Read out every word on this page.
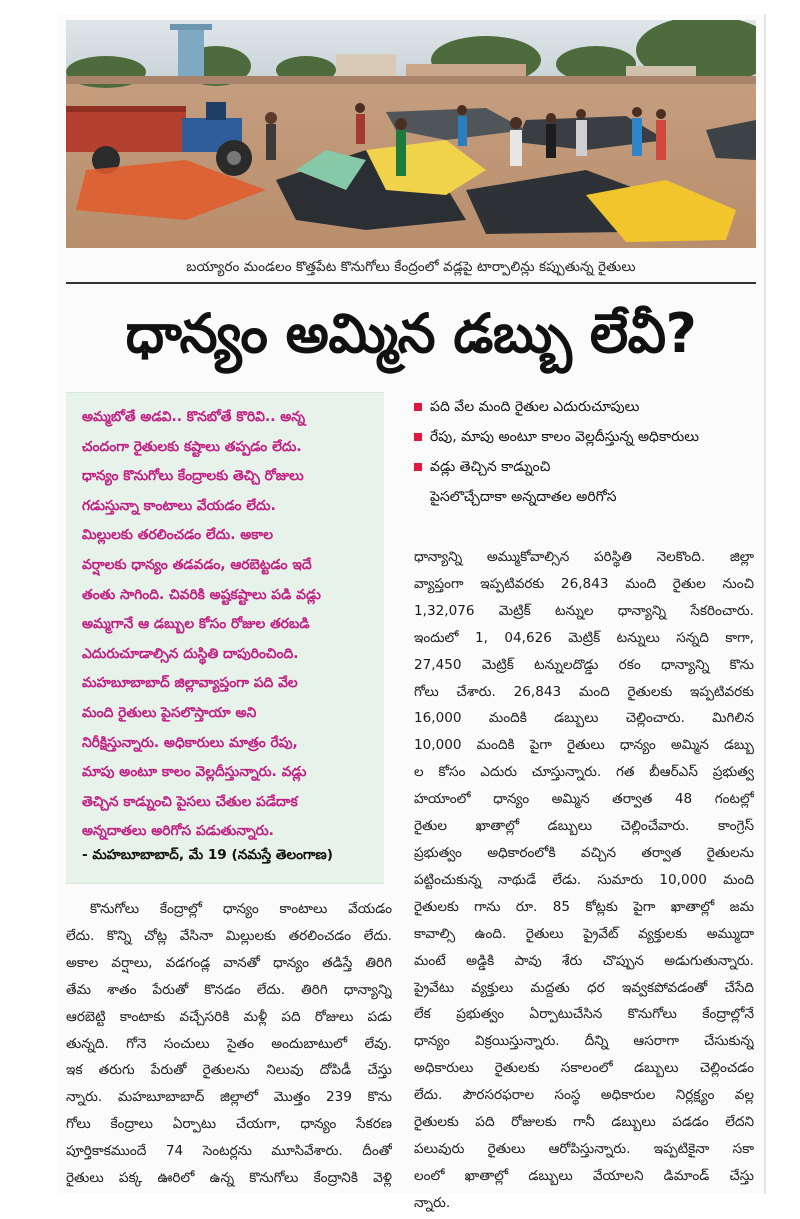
బయ్యారం మండలం కొత్తపేట కొనుగోలు కేంద్రంలో వడ్లపై టార్పాలిన్లు కప్పుతున్న రైతులు
ధాన్యం అమ్మిన డబ్బు లేవీ?
అమ్మబోతే అడవి.. కొనబోతే కొరివి.. అన్న
చందంగా రైతులకు కష్టాలు తప్పడం లేదు.
ధాన్యం కొనుగోలు కేంద్రాలకు తెచ్చి రోజులు
గడుస్తున్నా కాంటాలు వేయడం లేదు.
మిల్లులకు తరలించడం లేదు. అకాల
వర్షాలకు ధాన్యం తడవడం, ఆరబెట్టడం ఇదే
తంతు సాగింది. చివరికి అష్టకష్టాలు పడి వడ్లు
అమ్మగానే ఆ డబ్బుల కోసం రోజుల తరబడి
ఎదురుచూడాల్సిన దుస్థితి దాపురించింది.
మహబూబాబాద్ జిల్లావ్యాప్తంగా పది వేల
మంది రైతులు పైసలొస్తాయా అని
నిరీక్షిస్తున్నారు. అధికారులు మాత్రం రేపు,
మాపు అంటూ కాలం వెల్లదీస్తున్నారు. వడ్లు
తెచ్చిన కాడ్నుంచి పైసలు చేతుల పడేదాక
అన్నదాతలు అరిగోస పడుతున్నారు.
- మహబూబాబాద్, మే 19 (నమస్తే తెలంగాణ)
పది వేల మంది రైతుల ఎదురుచూపులు
రేపు, మాపు అంటూ కాలం వెల్లదీస్తున్న అధికారులు
వడ్లు తెచ్చిన కాడ్నుంచి
పైసలొచ్చేదాకా అన్నదాతల అరిగోస
ధాన్యాన్ని అమ్ముకోవాల్సిన పరిస్థితి నెలకొంది. జిల్లా
వ్యాప్తంగా ఇప్పటివరకు 26,843 మంది రైతుల నుంచి
1,32,076 మెట్రిక్ టన్నుల ధాన్యాన్ని సేకరించారు.
ఇందులో 1, 04,626 మెట్రిక్ టన్నులు సన్నది కాగా,
27,450 మెట్రిక్ టన్నులదొడ్డు రకం ధాన్యాన్ని కొను
గోలు చేశారు. 26,843 మంది రైతులకు ఇప్పటివరకు
16,000 మందికి డబ్బులు చెల్లించారు. మిగిలిన
10,000 మందికి పైగా రైతులు ధాన్యం అమ్మిన డబ్బు
ల కోసం ఎదురు చూస్తున్నారు. గత బీఆర్ఎస్ ప్రభుత్వ
హయాంలో ధాన్యం అమ్మిన తర్వాత 48 గంటల్లో
రైతుల ఖాతాల్లో డబ్బులు చెల్లించేవారు. కాంగ్రెస్
ప్రభుత్వం అధికారంలోకి వచ్చిన తర్వాత రైతులను
పట్టించుకున్న నాథుడే లేడు. సుమారు 10,000 మంది
రైతులకు గాను రూ. 85 కోట్లకు పైగా ఖాతాల్లో జమ
కావాల్సి ఉంది. రైతులు ప్రైవేట్ వ్యక్తులకు అమ్ముదా
మంటే అడ్డికి పావు శేరు చొప్పున అడుగుతున్నారు.
ప్రైవేటు వ్యక్తులు మద్దతు ధర ఇవ్వకపోవడంతో చేసేది
లేక ప్రభుత్వం ఏర్పాటుచేసిన కొనుగోలు కేంద్రాల్లోనే
ధాన్యం విక్రయిస్తున్నారు. దీన్ని ఆసరాగా చేసుకున్న
అధికారులు రైతులకు సకాలంలో డబ్బులు చెల్లించడం
లేదు. పౌరసరఫరాల సంస్థ అధికారుల నిర్లక్ష్యం వల్ల
రైతులకు పది రోజులకు గానీ డబ్బులు పడడం లేదని
పలువురు రైతులు ఆరోపిస్తున్నారు. ఇప్పటికైనా సకా
లంలో ఖాతాల్లో డబ్బులు వేయాలని డిమాండ్ చేస్తు
న్నారు.
కొనుగోలు కేంద్రాల్లో ధాన్యం కాంటాలు వేయడం
లేదు. కొన్ని చోట్ల వేసినా మిల్లులకు తరలించడం లేదు.
అకాల వర్షాలు, వడగండ్ల వానతో ధాన్యం తడిస్తే తిరిగి
తేమ శాతం పేరుతో కొనడం లేదు. తిరిగి ధాన్యాన్ని
ఆరబెట్టి కాంటాకు వచ్చేసరికి మళ్లీ పది రోజులు పడు
తున్నది. గోనె సంచులు సైతం అందుబాటులో లేవు.
ఇక తరుగు పేరుతో రైతులను నిలువు దోపిడీ చేస్తు
న్నారు. మహబూబాబాద్ జిల్లాలో మొత్తం 239 కొను
గోలు కేంద్రాలు ఏర్పాటు చేయగా, ధాన్యం సేకరణ
పూర్తికాకముందే 74 సెంటర్లను మూసివేశారు. దీంతో
రైతులు పక్క ఊరిలో ఉన్న కొనుగోలు కేంద్రానికి వెళ్లి
